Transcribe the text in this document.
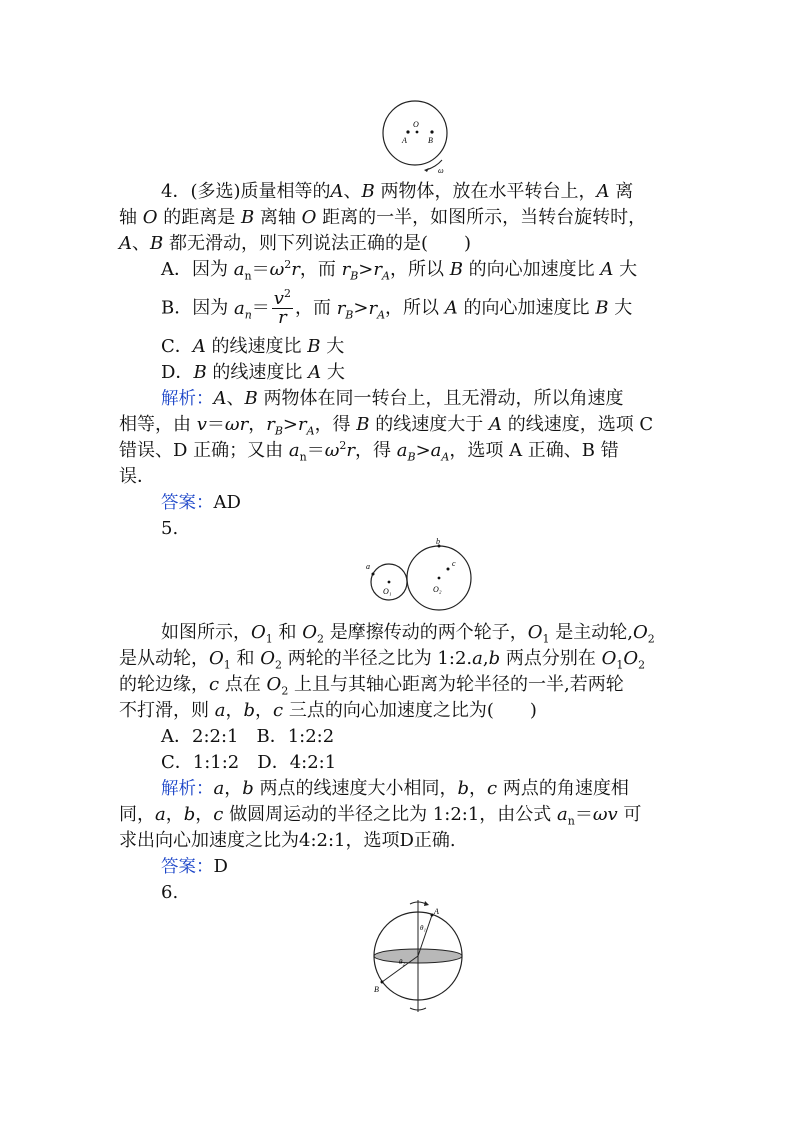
O
A	B
ω
4．(多选)质量相等的A、B 两物体，放在水平转台上，A 离
轴 O 的距离是 B 离轴 O 距离的一半，如图所示，当转台旋转时，
A、B 都无滑动，则下列说法正确的是(　　)
A．因为 $a_n=\omega^2r$，而 $r_B>r_A$，所以 B 的向心加速度比 A 大
B．因为 $a_n= \frac{v^2}{r}$ ，而 $r_B>r_A$，所以 A 的向心加速度比 B 大
C．A 的线速度比 B 大
D．B 的线速度比 A 大
解析：A、B 两物体在同一转台上，且无滑动，所以角速度
相等，由 v＝ωr，$r_B>r_A$，得 B 的线速度大于 A 的线速度，选项 C
错误、D 正确；又由 $a_n=\omega^2r$，得 $a_B>a_A$，选项 A 正确、B 错
误．
答案：AD
5.
a
b
c
O₁	O₂
如图所示，$O_1$ 和 $O_2$ 是摩擦传动的两个轮子，$O_1$ 是主动轮$,O_2$
是从动轮，$O_1$ 和 $O_2$ 两轮的半径之比为 1:2.a,b 两点分别在 $O_1O_2$
的轮边缘，c 点在 $O_2$ 上且与其轴心距离为轮半径的一半,若两轮
不打滑，则 a，b，c 三点的向心加速度之比为(　　)
A．2:2:1　B．1:2:2
C．1:1:2　D．4:2:1
解析：a，b 两点的线速度大小相同，b，c 两点的角速度相
同，a，b，c 做圆周运动的半径之比为 1:2:1，由公式 $a_n=\omega v$ 可
求出向心加速度之比为4:2:1，选项D正确.
答案：D
6.
A
B
θ₁
θ₂
